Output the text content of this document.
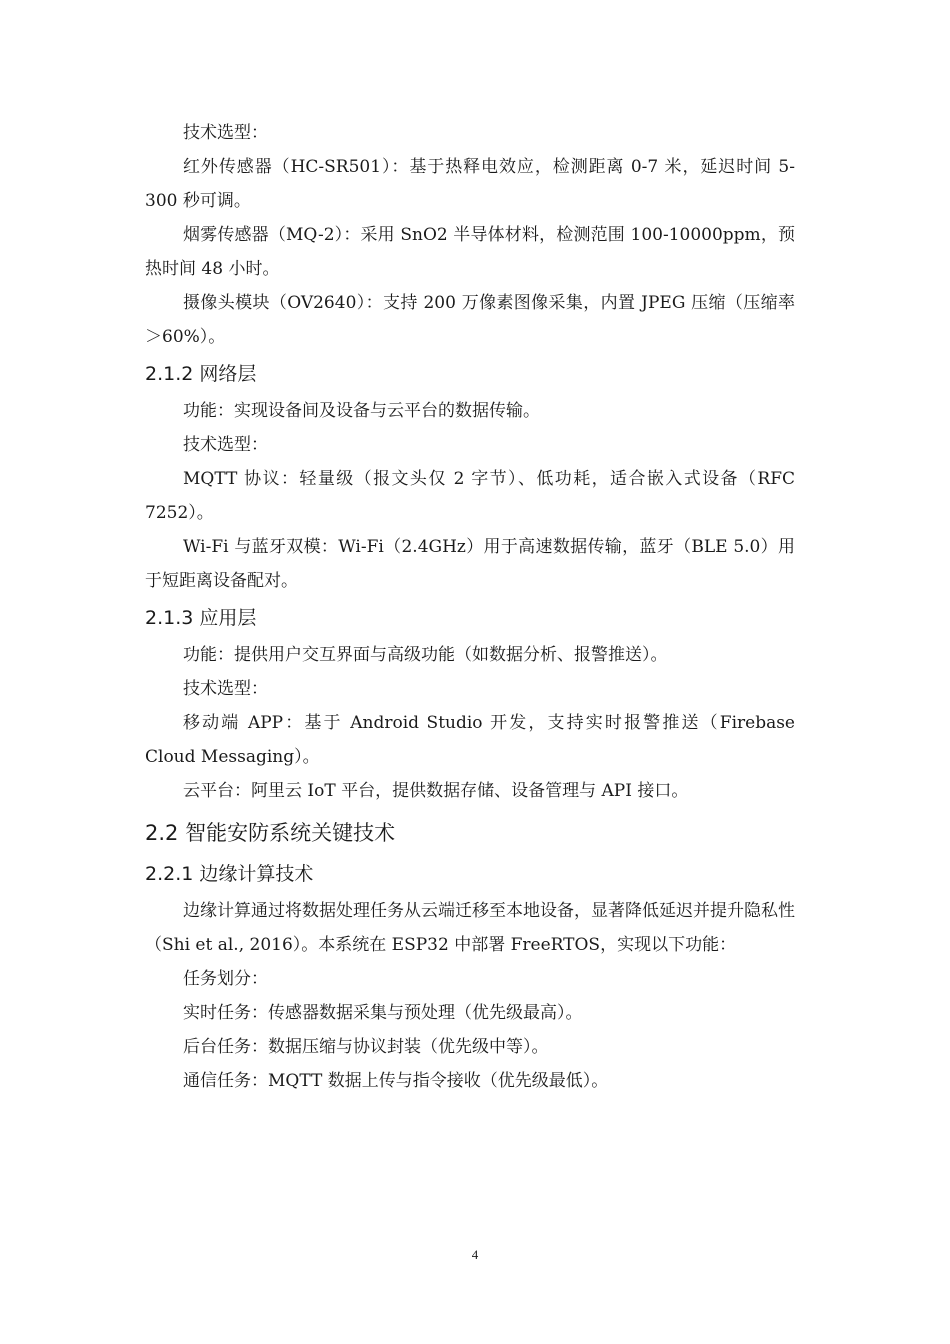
技术选型：

红外传感器（HC-SR501）：基于热释电效应，检测距离 0-7 米，延迟时间 5-300 秒可调。

烟雾传感器（MQ-2）：采用 SnO2 半导体材料，检测范围 100-10000ppm，预热时间 48 小时。

摄像头模块（OV2640）：支持 200 万像素图像采集，内置 JPEG 压缩（压缩率＞60%）。

2.1.2 网络层

功能：实现设备间及设备与云平台的数据传输。

技术选型：

MQTT 协议：轻量级（报文头仅 2 字节）、低功耗，适合嵌入式设备（RFC 7252）。

Wi-Fi 与蓝牙双模：Wi-Fi（2.4GHz）用于高速数据传输，蓝牙（BLE 5.0）用于短距离设备配对。

2.1.3 应用层

功能：提供用户交互界面与高级功能（如数据分析、报警推送）。

技术选型：

移动端 APP：基于 Android Studio 开发，支持实时报警推送（Firebase Cloud Messaging）。

云平台：阿里云 IoT 平台，提供数据存储、设备管理与 API 接口。

2.2 智能安防系统关键技术
2.2.1 边缘计算技术

边缘计算通过将数据处理任务从云端迁移至本地设备，显著降低延迟并提升隐私性（Shi et al., 2016）。本系统在 ESP32 中部署 FreeRTOS，实现以下功能：

任务划分：

实时任务：传感器数据采集与预处理（优先级最高）。

后台任务：数据压缩与协议封装（优先级中等）。

通信任务：MQTT 数据上传与指令接收（优先级最低）。

4
